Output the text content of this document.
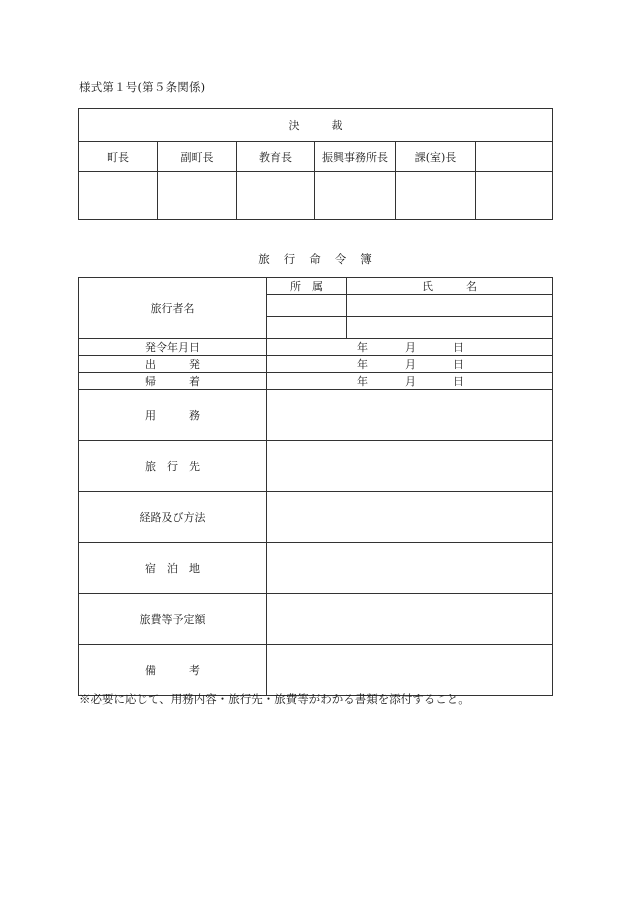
様式第１号(第５条関係)
決裁					
町長	副町長	教育長	振興事務所長	課(室)長	

旅行命令簿
旅行者名	所　属	氏　　　名

発令年月日	年 月 日	

出　　　発	年 月 日	

帰　　　着	年 月 日	

用　　　務		
旅　行　先		
経路及び方法		
宿　泊　地		
旅費等予定額		
備　　　考		
※必要に応じて、用務内容・旅行先・旅費等がわかる書類を添付すること。
